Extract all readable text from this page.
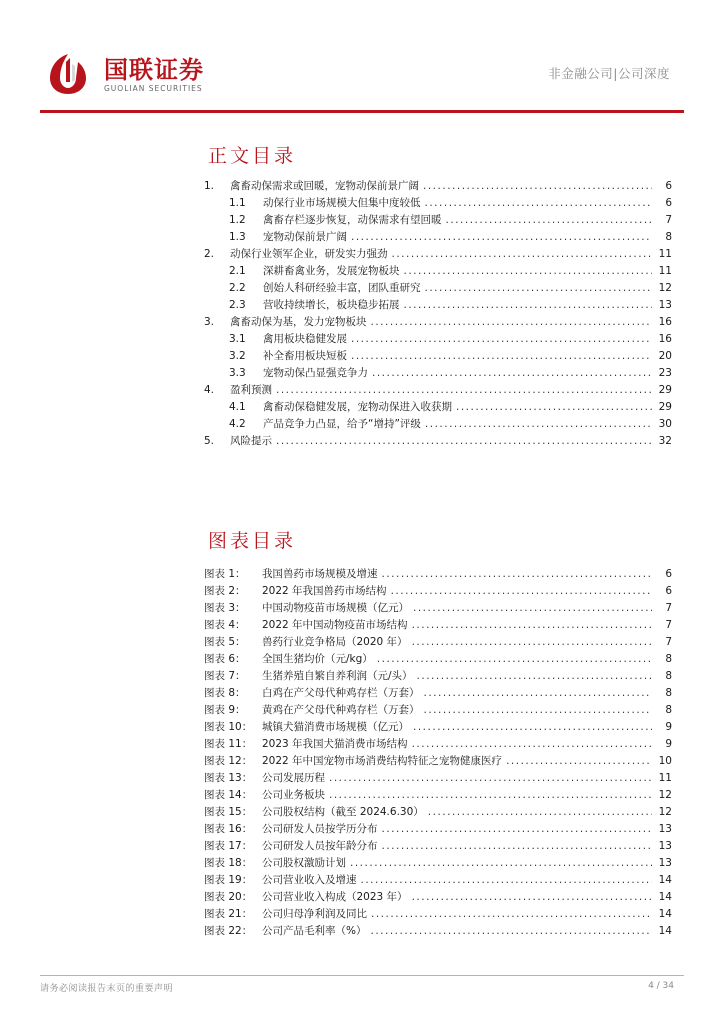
国联证券
GUOLIAN SECURITIES
非金融公司|公司深度
正文目录
1.	禽畜动保需求或回暖，宠物动保前景广阔 .....	6
1.1	动保行业市场规模大但集中度较低 .....	6
1.2	禽畜存栏逐步恢复，动保需求有望回暖 .....	7
1.3	宠物动保前景广阔 .....	8
2.	动保行业领军企业，研发实力强劲 .....	11
2.1	深耕畜禽业务，发展宠物板块 .....	11
2.2	创始人科研经验丰富，团队重研究 .....	12
2.3	营收持续增长，板块稳步拓展 .....	13
3.	禽畜动保为基，发力宠物板块 .....	16
3.1	禽用板块稳健发展 .....	16
3.2	补全畜用板块短板 .....	20
3.3	宠物动保凸显强竞争力 .....	23
4.	盈利预测 .....	29
4.1	禽畜动保稳健发展，宠物动保进入收获期 .....	29
4.2	产品竞争力凸显，给予“增持”评级 .....	30
5.	风险提示 .....	32
图表目录
图表 1：	我国兽药市场规模及增速 .....	6
图表 2：	2022 年我国兽药市场结构 .....	6
图表 3：	中国动物疫苗市场规模（亿元） .....	7
图表 4：	2022 年中国动物疫苗市场结构 .....	7
图表 5：	兽药行业竞争格局（2020 年） .....	7
图表 6：	全国生猪均价（元/kg） .....	8
图表 7：	生猪养殖自繁自养利润（元/头） .....	8
图表 8：	白鸡在产父母代种鸡存栏（万套） .....	8
图表 9：	黄鸡在产父母代种鸡存栏（万套） .....	8
图表 10： 城镇犬猫消费市场规模（亿元） .....	9
图表 11： 2023 年我国犬猫消费市场结构 .....	9
图表 12： 2022 年中国宠物市场消费结构特征之宠物健康医疗 .....	10
图表 13： 公司发展历程 .....	11
图表 14： 公司业务板块 .....	12
图表 15： 公司股权结构（截至 2024.6.30） .....	12
图表 16： 公司研发人员按学历分布 .....	13
图表 17： 公司研发人员按年龄分布 .....	13
图表 18： 公司股权激励计划 .....	13
图表 19： 公司营业收入及增速 .....	14
图表 20： 公司营业收入构成（2023 年） .....	14
图表 21： 公司归母净利润及同比 .....	14
图表 22： 公司产品毛利率（%） .....	14
请务必阅读报告末页的重要声明	4 / 34
